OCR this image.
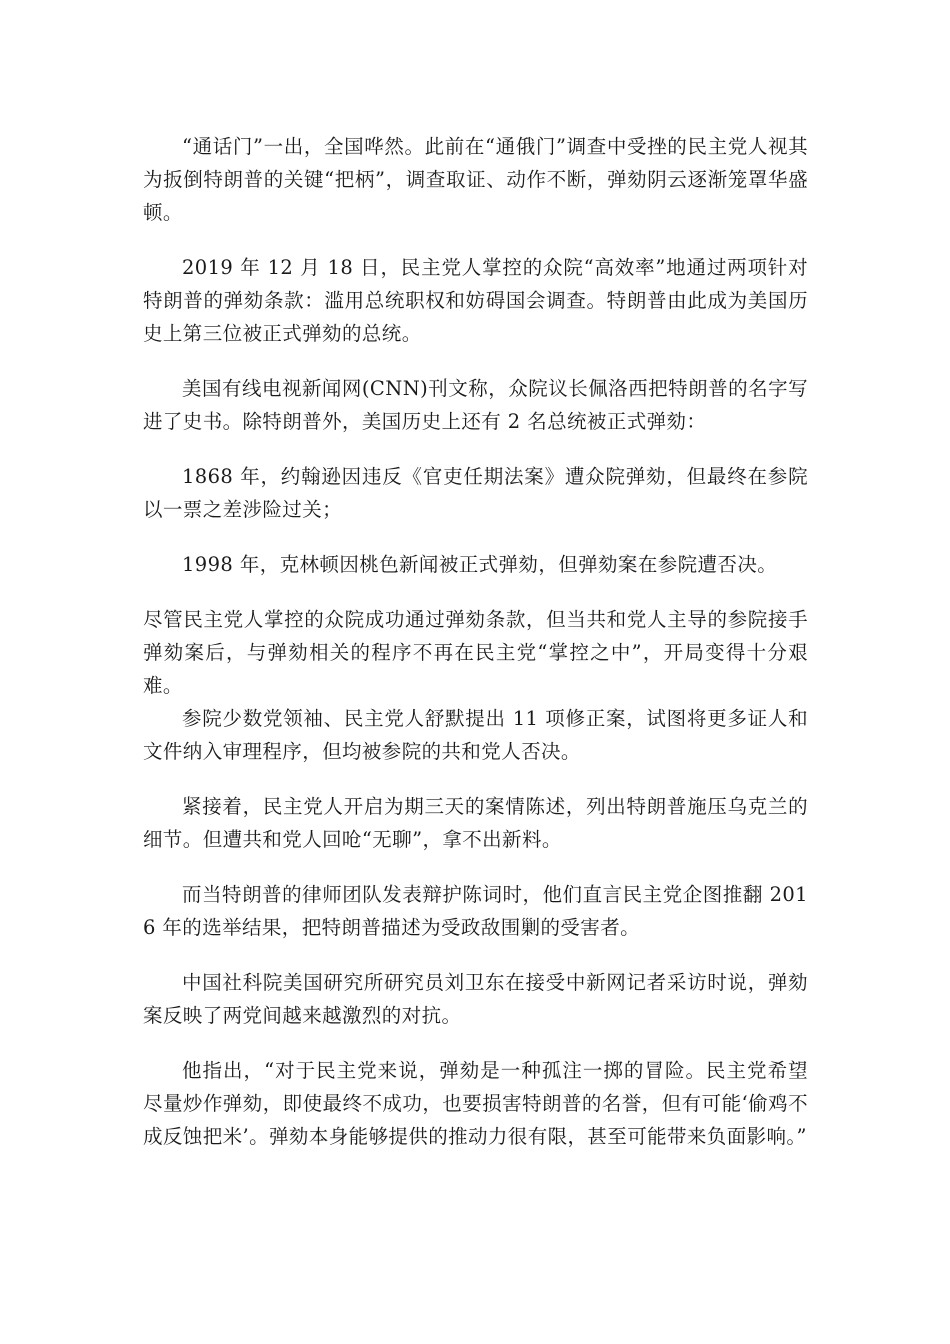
“通话门”一出，全国哗然。此前在“通俄门”调查中受挫的民主党人视其为扳倒特朗普的关键“把柄”，调查取证、动作不断，弹劾阴云逐渐笼罩华盛顿。

2019 年 12 月 18 日，民主党人掌控的众院“高效率”地通过两项针对特朗普的弹劾条款：滥用总统职权和妨碍国会调查。特朗普由此成为美国历史上第三位被正式弹劾的总统。

美国有线电视新闻网(CNN)刊文称，众院议长佩洛西把特朗普的名字写进了史书。除特朗普外，美国历史上还有 2 名总统被正式弹劾：

1868 年，约翰逊因违反《官吏任期法案》遭众院弹劾，但最终在参院以一票之差涉险过关；

1998 年，克林顿因桃色新闻被正式弹劾，但弹劾案在参院遭否决。

尽管民主党人掌控的众院成功通过弹劾条款，但当共和党人主导的参院接手弹劾案后，与弹劾相关的程序不再在民主党“掌控之中”，开局变得十分艰难。

参院少数党领袖、民主党人舒默提出 11 项修正案，试图将更多证人和文件纳入审理程序，但均被参院的共和党人否决。

紧接着，民主党人开启为期三天的案情陈述，列出特朗普施压乌克兰的细节。但遭共和党人回呛“无聊”，拿不出新料。

而当特朗普的律师团队发表辩护陈词时，他们直言民主党企图推翻 2016 年的选举结果，把特朗普描述为受政敌围剿的受害者。

中国社科院美国研究所研究员刘卫东在接受中新网记者采访时说，弹劾案反映了两党间越来越激烈的对抗。

他指出，“对于民主党来说，弹劾是一种孤注一掷的冒险。民主党希望尽量炒作弹劾，即使最终不成功，也要损害特朗普的名誉，但有可能‘偷鸡不成反蚀把米’。弹劾本身能够提供的推动力很有限，甚至可能带来负面影响。”
